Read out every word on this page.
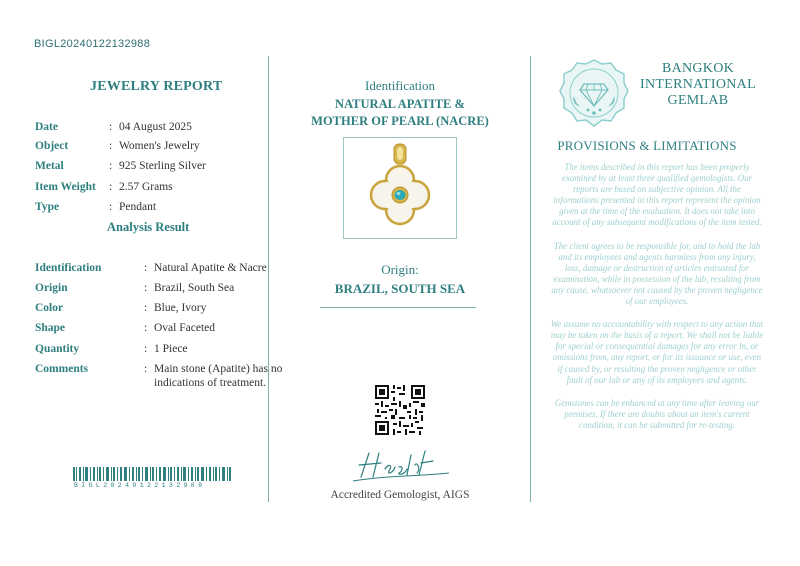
BIGL20240122132988
JEWELRY REPORT
Date	: 04 August 2025
Object	: Women's Jewelry
Metal	: 925 Sterling Silver
Item Weight : 2.57 Grams
Type	: Pendant
Analysis Result
Identification	: Natural Apatite & Nacre
Origin	: Brazil, South Sea
Color	: Blue, Ivory
Shape	: Oval Faceted
Quantity	: 1 Piece
Comments	: Main stone (Apatite) has no indications of treatment.
BIGL20240122132988
Identification
NATURAL APATITE &
MOTHER OF PEARL (NACRE)
Origin:
BRAZIL, SOUTH SEA
Accredited Gemologist, AIGS
BANGKOK
INTERNATIONAL
GEMLAB
PROVISIONS & LIMITATIONS

The items described in this report has been properly examined by at least three qualified gemologists. Our reports are based on subjective opinion. All the informations presented in this report represent the opinion given at the time of the evaluation. It does not take into account of any subsequent modifications of the item tested.

The client agrees to be responsible for, and to hold the lab and its employees and agents harmless from any injury, loss, damage or destruction of articles entrusted for examination, while in possession of the lab, resulting from any cause, whatsoever not caused by the proven negligence of our employees.

We assume no accountability with respect to any action that may be taken on the basis of a report. We shall not be liable for special or consequential damages for any error in, or omissions from, any report, or for its issuance or use, even if caused by, or resulting the proven negligence or other fault of our lab or any of its employees and agents.

Gemstones can be enhanced at any time after leaving our premises. If there are doubts about an item's current condition, it can be submitted for re-testing.
